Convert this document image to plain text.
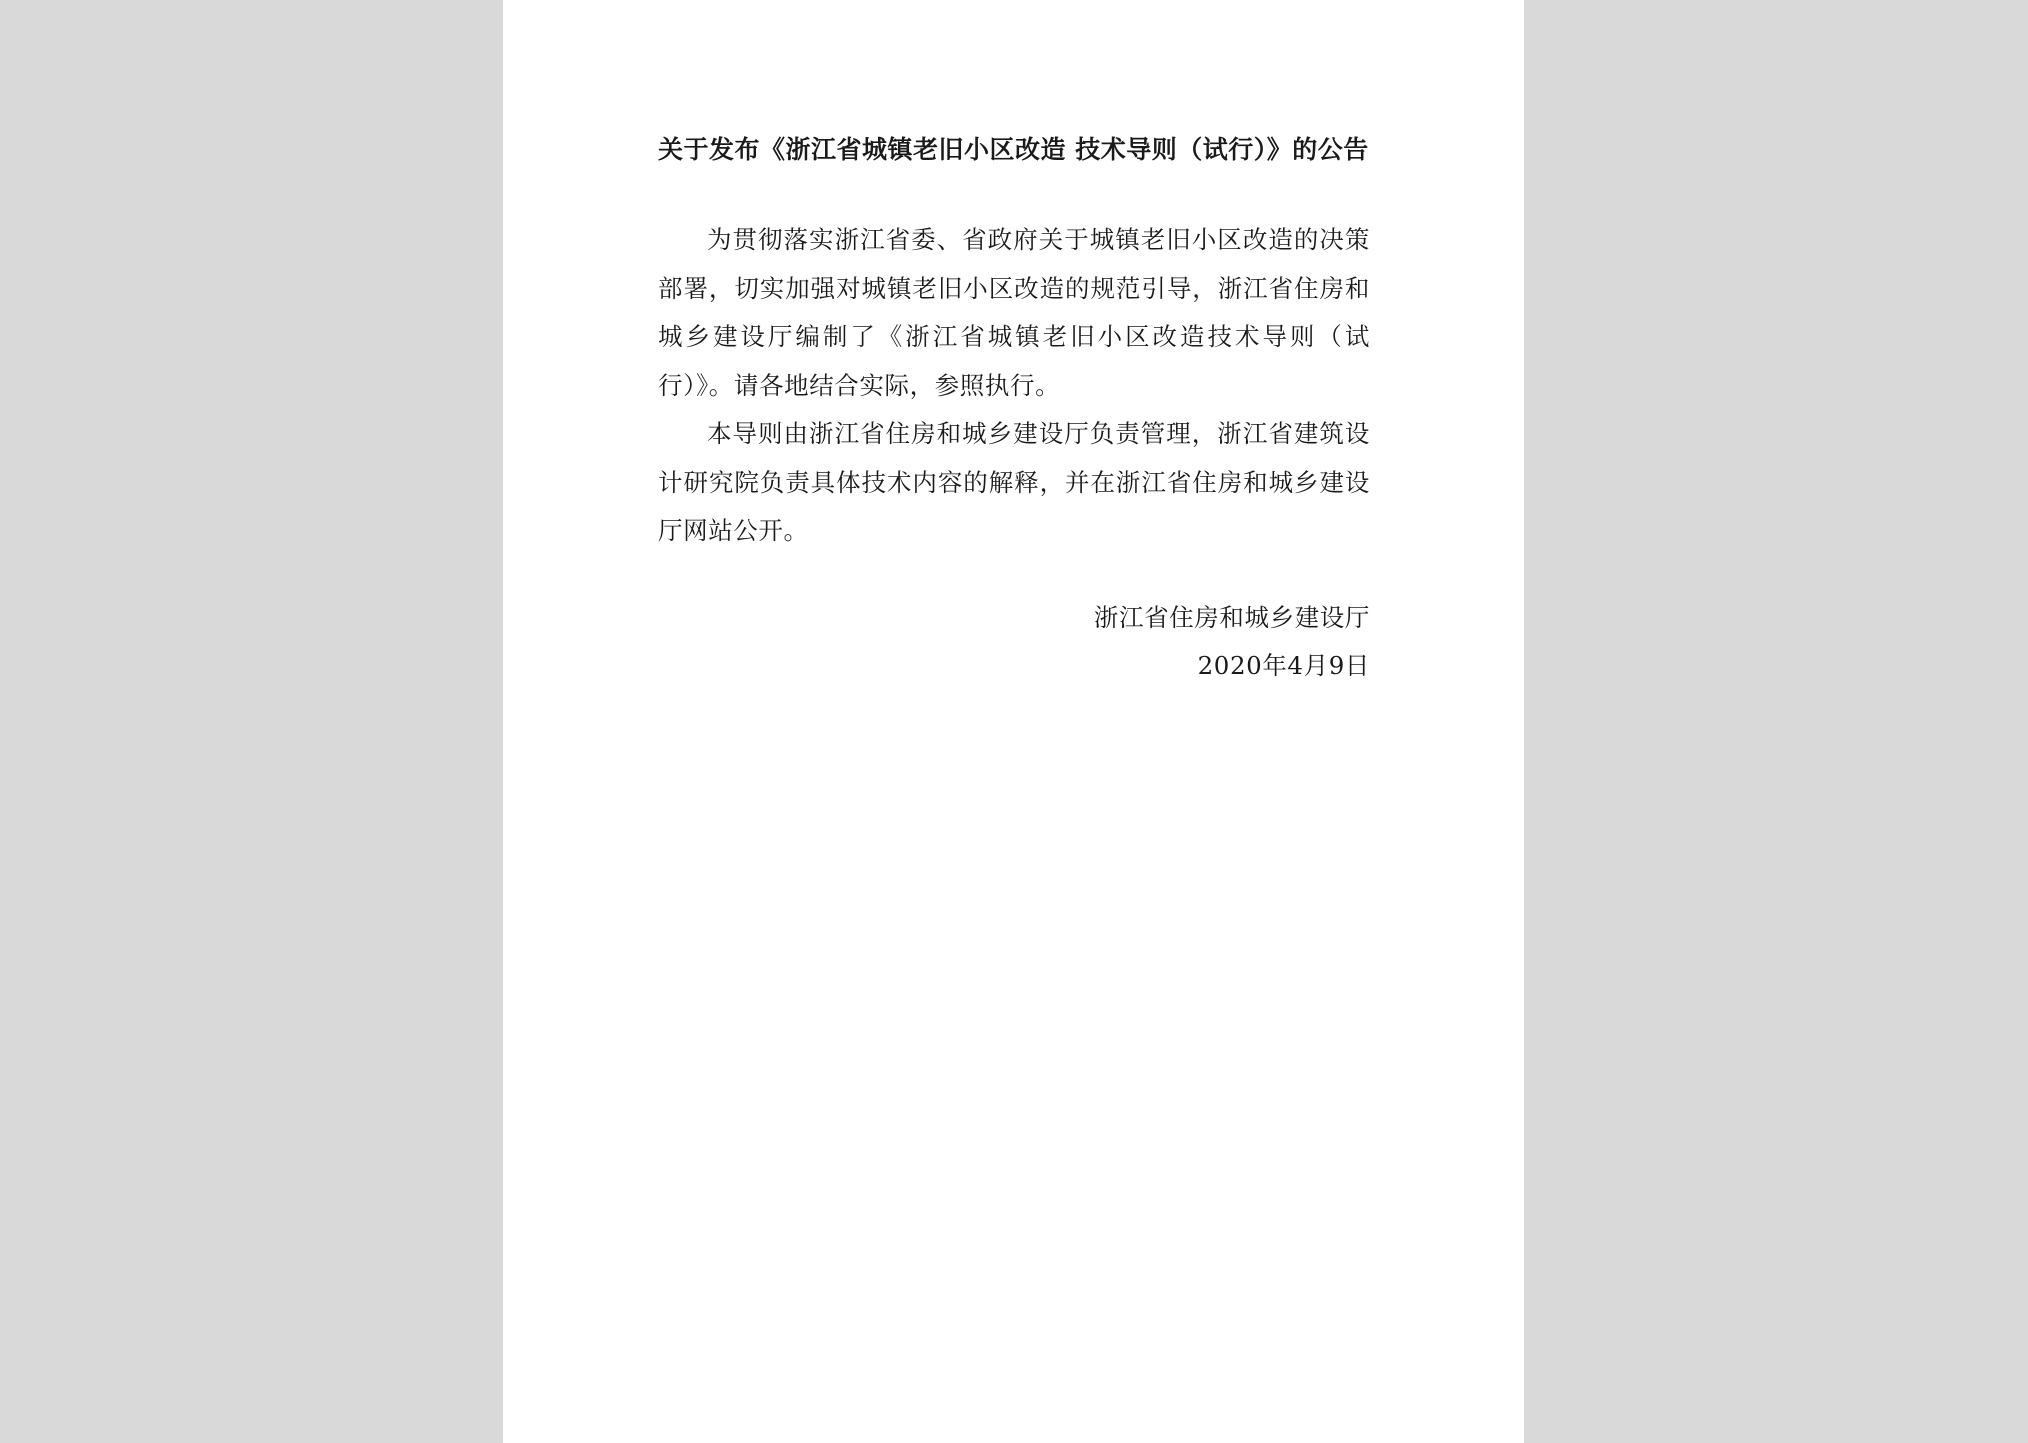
关于发布《浙江省城镇老旧小区改造 技术导则（试行）》的公告

为贯彻落实浙江省委、省政府关于城镇老旧小区改造的决策部署，切实加强对城镇老旧小区改造的规范引导，浙江省住房和城乡建设厅编制了《浙江省城镇老旧小区改造技术导则（试行）》。请各地结合实际，参照执行。

本导则由浙江省住房和城乡建设厅负责管理，浙江省建筑设计研究院负责具体技术内容的解释，并在浙江省住房和城乡建设厅网站公开。

浙江省住房和城乡建设厅
2020年4月9日
